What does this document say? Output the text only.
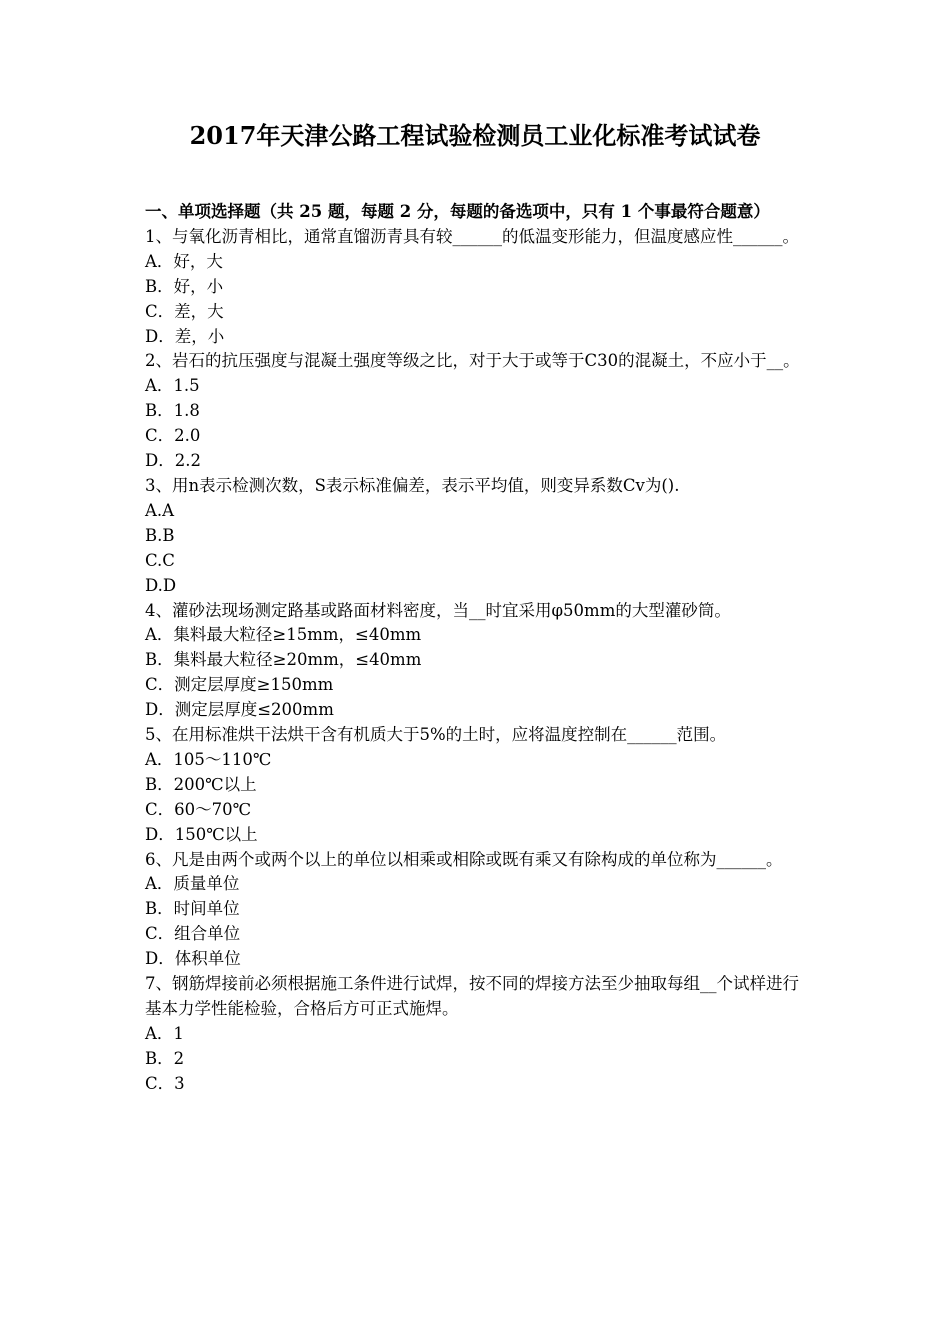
2017年天津公路工程试验检测员工业化标准考试试卷
一、单项选择题（共 25 题，每题 2 分，每题的备选项中，只有 1 个事最符合题意）
1、与氧化沥青相比，通常直馏沥青具有较______的低温变形能力，但温度感应性______。
A．好，大
B．好，小
C．差，大
D．差，小
2、岩石的抗压强度与混凝土强度等级之比，对于大于或等于C30的混凝土，不应小于__。
A．1.5
B．1.8
C．2.0
D．2.2
3、用n表示检测次数，S表示标准偏差，表示平均值，则变异系数Cv为().
A.A
B.B
C.C
D.D
4、灌砂法现场测定路基或路面材料密度，当__时宜采用φ50mm的大型灌砂筒。
A．集料最大粒径≥15mm，≤40mm
B．集料最大粒径≥20mm，≤40mm
C．测定层厚度≥150mm
D．测定层厚度≤200mm
5、在用标准烘干法烘干含有机质大于5%的土时，应将温度控制在______范围。
A．105～110℃
B．200℃以上
C．60～70℃
D．150℃以上
6、凡是由两个或两个以上的单位以相乘或相除或既有乘又有除构成的单位称为______。
A．质量单位
B．时间单位
C．组合单位
D．体积单位
7、钢筋焊接前必须根据施工条件进行试焊，按不同的焊接方法至少抽取每组__个试样进行基本力学性能检验，合格后方可正式施焊。
A．1
B．2
C．3
